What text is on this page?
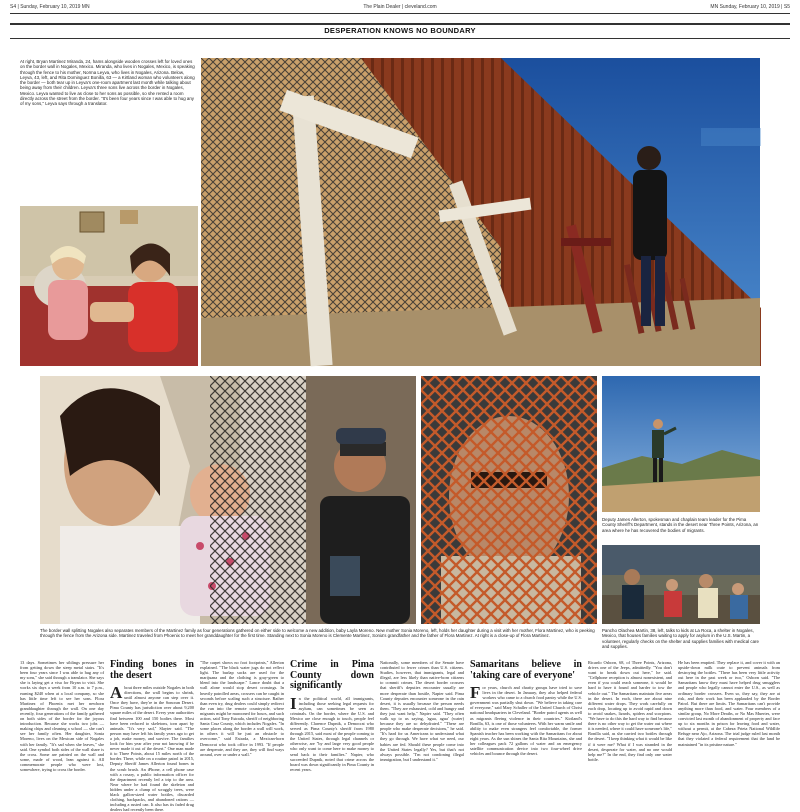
S4 | Sunday, February 10, 2019 MN	The Plain Dealer | cleveland.com	MN Sunday, February 10, 2019 | S5
DESPERATION KNOWS NO BOUNDARY
At right, Bryan Martinez Miranda, 24, hams alongside wooden crosses left for loved ones on the border wall in Nogales, Mexico. Miranda, who lives in Nogales, Mexico, is speaking through the fence to his mother, Norma Leyva, who lives in Nogales, Arizona. Below, Leyva, 43, left, and Rita Dominguez Bonilla, 63 — a Kirtland woman who volunteers along the border — both tear up in Leyva's one-room apartment last month while talking about being away from their children. Leyva's three sons live across the border in Nogales, Mexico. Leyva wanted to live as close to her sons as possible, so she rented a room directly across the street from the border. "It's been four years since I was able to hug any of my sons," Leyva says through a translator.
Deputy James Allerton, spokesman and chaplain team leader for the Pima County Sheriff's Department, stands in the desert near Three Points, Arizona, an area where he has recovered the bodies of migrants.
The border wall splitting Nogales also separates members of the Martinez family as four generations gathered on either side to welcome a new addition, baby Layla Moreno. New mother Sonia Moreno, left, holds her daughter during a visit with her mother, Flora Martinez, who is peeking through the fence from the Arizona side. Martinez traveled from Phoenix to meet her granddaughter for the first time. Standing next to Sonia Moreno is Clemente Martinez, Sonia's grandfather and the father of Flora Martinez. At right is a close-up of Flora Martinez.
Pancho Olachea Martin, 38, left, talks to kids at La Roca, a shelter in Nogales, Mexico, that houses families waiting to apply for asylum in the U.S. Martin, a volunteer, regularly checks on the shelter and supplies families with medical care and supplies.

13 days. Sometimes her siblings pressure her from getting down the steep metal stairs. "It's been four years since I was able to hug any of my sons," she said through a translator. She says she is laying get a visa for Bryan to visit. She works six days a week from 10 a.m. to 7 p.m., earning $240 when at a local company, so she has little time left to see her sons. Flora Martinez of Phoenix met her newborn granddaughter through the wall. On one day recently, four generations of the family gathered on both sides of the border for the joyous introduction. Because she works two jobs — making chips and cleaning a school — she can't see her family often. Her daughter, Sonia Moreno, lives on the Mexican side of Nogales with her family. "It's sad when she leaves," she said. One symbol both sides of the wall share is the cross. Some are painted on the wall and some, made of wood, lean against it. All commemorate people who were lost, somewhere, trying to cross the border.

Finding bones in the desert

About three miles outside Nogales in both directions, the wall begins to shrink, until almost anyone can step over it. Once they have, they're in the Sonoran Desert. Pima County has jurisdiction over about 9,200 square miles of the desert. Every year authorities find between 100 and 150 bodies there. Most have been reduced to skeletons, torn apart by animals. "It's very sad," Slayter said. "The person may have left his family years ago to get a job, make money, and survive. The families look for him year after year not knowing if he never made it out of the desert." One man made it to Three Points, about 15 miles north of the border. There, while on a routine patrol in 2015, Deputy Sheriff James Allerton found bones in the scrub brush. An iPhone, a cell phone case with a rosary, a public information officer for the department recently led a trip to the area. Near where he had found the skeleton and hidden under a clump of scraggly trees, were black gallon-sized water bottles, discarded clothing, backpacks, and abandoned rations — including a rusted can. It also has its faded drug dealers had recently been there.

"The carpet shows no foot footprints," Allerton explained. "The black water jugs do not reflect light. The burlap sacks are used for the marijuana and the clothing is gray-green to blend into the landscape." Lance doubt that a wall alone would stop desert crossings. In heavily patrolled areas, crossers can be caught in seconds before scaling such a structure. Rather than even try, drug dealers could simply redirect the run into the remote countryside, where migrants might be marooned for hours, and such action, said Tony Estrada, sheriff of neighboring Santa Cruz County, which includes Nogales. "In some places along the border a wall will work, in others it will be just an obstacle to overcome," said Estrada, a Mexican-born Democrat who took office in 1993. "If people are desperate, and they are, they will find ways around, over or under a wall."

Crime in Pima County down significantly

In the political world, all immigrants, including those seeking legal requests for asylum, can sometimes be seen as criminals. On the border, where the U.S. and Mexico are close enough to touch, people feel differently. Clarence Dupnik, a Democrat who served as Pima County's sheriff from 1980 through 2015, said most of the people coming to the United States, through legal channels or otherwise, are "by and large very good people who only want to come here to make money to send back to their families." Napier, who succeeded Dupnik, noted that crime across the board was down significantly in Pima County in recent years.

Nationally, some members of the Senate have contributed to fewer crimes than U.S. citizens. Studies, however, that immigrants, legal and illegal, are less likely than native-born citizens to commit crimes. The desert border crossers that sheriff's deputies encounter usually are more desperate than hostile, Napier said. Pima County deputies encounter someone in the rain desert, it is usually because the person needs them. "They are exhausted, cold and hungry and they just want help," Napier said. "They often walk up to us saying, 'agua, agua' (water) because they are so dehydrated." "These are people who make desperate decisions," he said. "It's hard for us Americans to understand what they go through. We have what we need, our babies are fed. Should these people come into the United States legally? Yes, but that's not always possible. "I'm not condoning illegal immigration, but I understand it."

Samaritans believe in 'taking care of everyone'

For years, church and charity groups have tried to save lives in the desert. In January, they also helped federal workers who came to a church food pantry while the U.S. government was partially shut down. "We believe in taking care of everyone," said Mary Schaller of the United Church of Christ national headquarters in Cleveland. "Border patrol agents as well as migrants fleeing violence in their countries." Kirtland's Bonilla, 63, is one of those volunteers. With her warm smile and ability to make even strangers feel comfortable, the former Spanish teacher has been working with the Samaritans for about eight years. As the sun shines the Santa Rita Mountains, she and her colleagues pack 72 gallons of water and an emergency satellite communication device into two four-wheel drive vehicles and bounce through the desert.

Ricardo Osborn, 68, of Three Points, Arizona, drives one of the Jeeps, admittedly. "You don't want to break down out here," he said. "Cellphone reception is almost nonexistent, and even if you could reach someone, it would be hard to have it found and harder to tow the vehicle out." The Samaritans maintain five areas in the desert. In each, there are about nine different water drops. They work carefully on each drop, locating up to avoid rapid and down to avoid snakes, lizards, spiders and scorpions. "We have to do this the hard way to find because there is no other way to get the water out where it is needed, where it could have someone's life," Bonilla said, as she carried two bottles through the desert. "I keep thinking what it would be like if it were me? What if I was stranded in the desert, desperate for water, and no one would help me?" In the end, they find only one water bottle.

He has been emptied. They replace it, and cover it with an upside-down milk crate to prevent animals from destroying the bottles. "There has been very little activity out here in the past week or two," Osborn said. "The Samaritans know they must have helped drug smugglers and people who legally cannot enter the U.S., as well as ordinary border crossers. Even so, they say, they are at risk, and their work has been applauded by the Border Patrol. But there are limits. The Samaritans can't provide anything more than food, and water. Four members of a similar group, No More Deaths, or No Mas Muertes, were convicted last month of abandonment of property and face up to six months in prison for leaving food and water, without a permit, at the Cabeza Prieta National Wildlife Refuge near Ajo, Arizona. The trial judge ruled last month that they violated a federal requirement that the land be maintained "in its pristine nature."
